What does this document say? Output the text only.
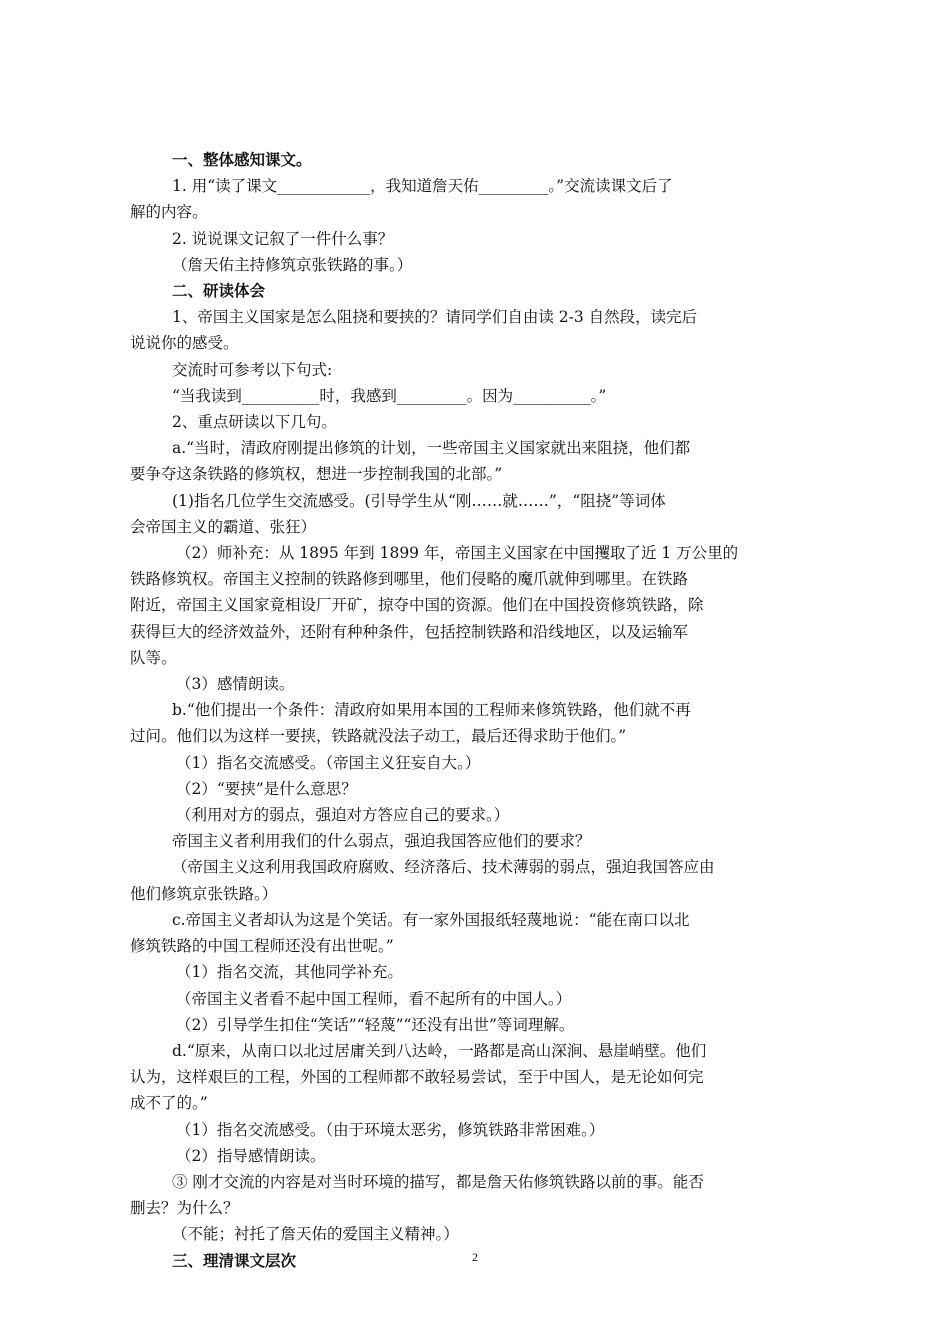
一、整体感知课文。
1. 用“读了课文____________，我知道詹天佑_________。”交流读课文后了
解的内容。
2. 说说课文记叙了一件什么事？
（詹天佑主持修筑京张铁路的事。）
二、研读体会
1、帝国主义国家是怎么阻挠和要挟的？请同学们自由读 2-3 自然段，读完后
说说你的感受。
交流时可参考以下句式:
“当我读到__________时，我感到_________。因为__________。”
2、重点研读以下几句。
a.“当时，清政府刚提出修筑的计划，一些帝国主义国家就出来阻挠，他们都
要争夺这条铁路的修筑权，想进一步控制我国的北部。”
(1)指名几位学生交流感受。(引导学生从“刚……就……”，“阻挠”等词体
会帝国主义的霸道、张狂）
（2）师补充：从 1895 年到 1899 年，帝国主义国家在中国攫取了近 1 万公里的
铁路修筑权。帝国主义控制的铁路修到哪里，他们侵略的魔爪就伸到哪里。在铁路
附近，帝国主义国家竟相设厂开矿，掠夺中国的资源。他们在中国投资修筑铁路，除
获得巨大的经济效益外，还附有种种条件，包括控制铁路和沿线地区，以及运输军
队等。
（3）感情朗读。
b.“他们提出一个条件：清政府如果用本国的工程师来修筑铁路，他们就不再
过问。他们以为这样一要挟，铁路就没法子动工，最后还得求助于他们。”
（1）指名交流感受。（帝国主义狂妄自大。）
（2）“要挟”是什么意思？
（利用对方的弱点，强迫对方答应自己的要求。）
帝国主义者利用我们的什么弱点，强迫我国答应他们的要求？
（帝国主义这利用我国政府腐败、经济落后、技术薄弱的弱点，强迫我国答应由
他们修筑京张铁路。）
c.帝国主义者却认为这是个笑话。有一家外国报纸轻蔑地说：“能在南口以北
修筑铁路的中国工程师还没有出世呢。”
（1）指名交流，其他同学补充。
（帝国主义者看不起中国工程师，看不起所有的中国人。）
（2）引导学生扣住“笑话”“轻蔑”“还没有出世”等词理解。
d.“原来，从南口以北过居庸关到八达岭，一路都是高山深涧、悬崖峭壁。他们
认为，这样艰巨的工程，外国的工程师都不敢轻易尝试，至于中国人，是无论如何完
成不了的。”
（1）指名交流感受。（由于环境太恶劣，修筑铁路非常困难。）
（2）指导感情朗读。
③ 刚才交流的内容是对当时环境的描写，都是詹天佑修筑铁路以前的事。能否
删去？为什么？
（不能；衬托了詹天佑的爱国主义精神。）
三、理清课文层次	2
